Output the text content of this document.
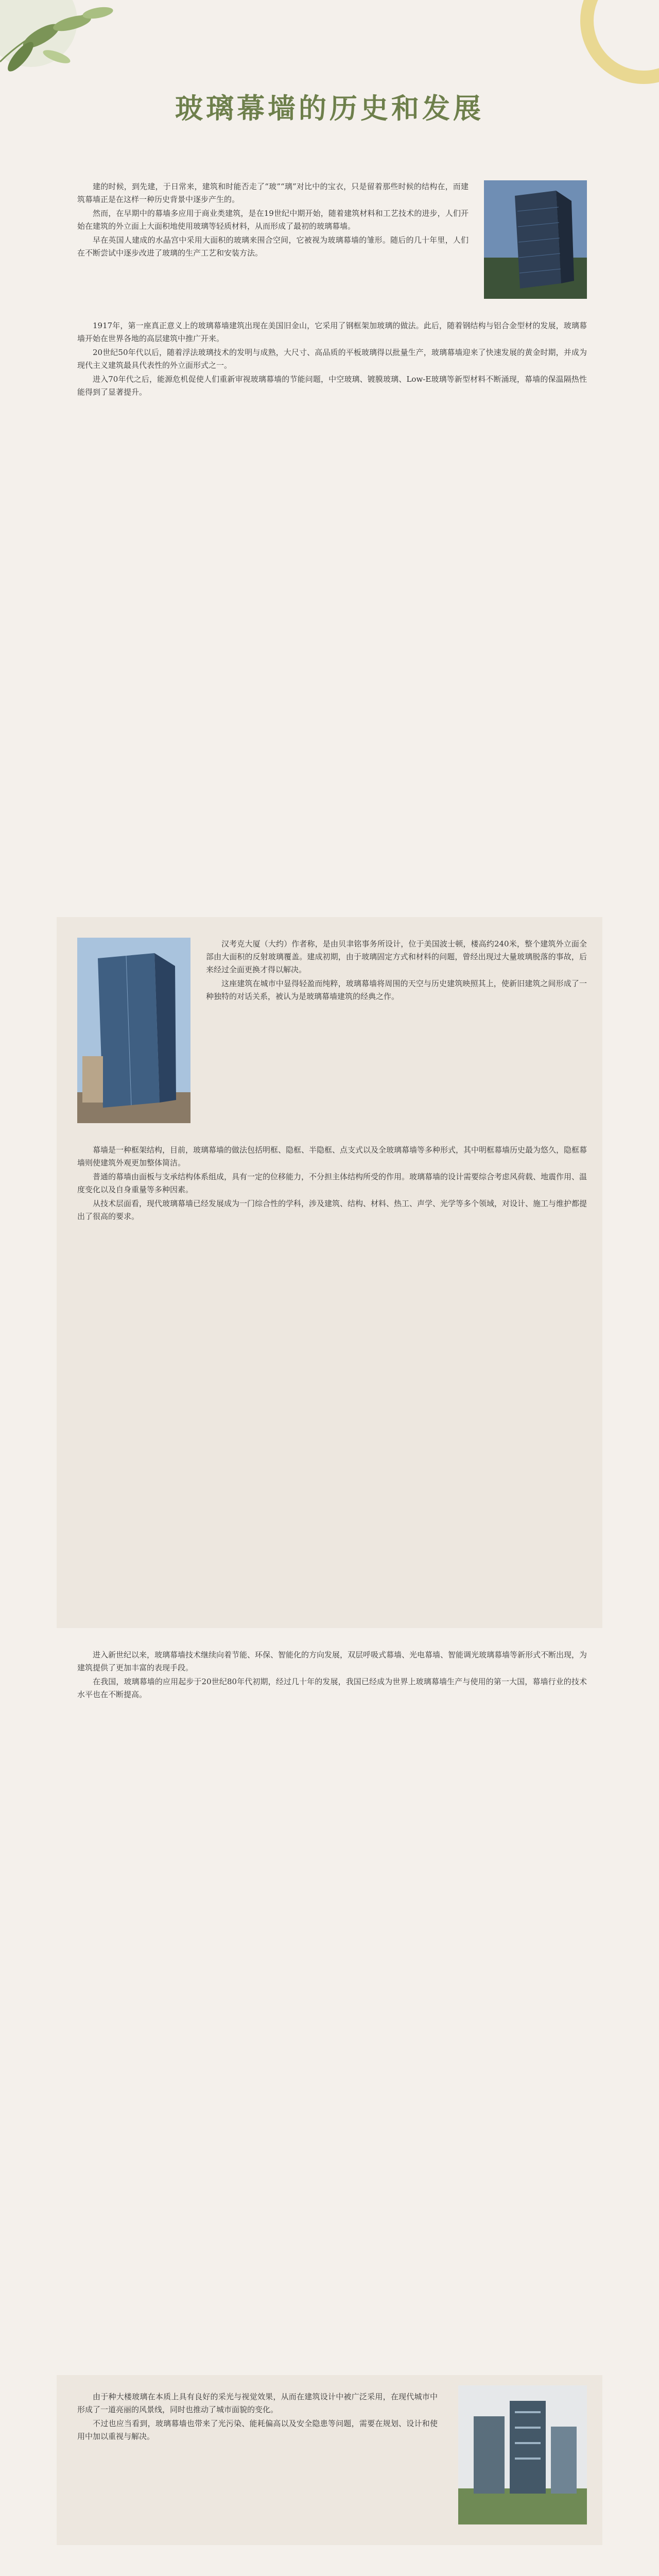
玻璃幕墙的历史和发展

建的时候，到先建，于日常来，建筑和时能否走了“玻”“璃”对比中的宝衣，只是留着那些时候的结构在，而建筑幕墙正是在这样一种历史背景中逐步产生的。

然而，在早期中的幕墙多应用于商业类建筑，是在19世纪中期开始，随着建筑材料和工艺技术的进步，人们开始在建筑的外立面上大面积地使用玻璃等轻质材料，从而形成了最初的玻璃幕墙。

早在英国人建成的水晶宫中采用大面积的玻璃来围合空间，它被视为玻璃幕墙的雏形。随后的几十年里，人们在不断尝试中逐步改进了玻璃的生产工艺和安装方法。

1917年，第一座真正意义上的玻璃幕墙建筑出现在美国旧金山，它采用了钢框架加玻璃的做法。此后，随着钢结构与铝合金型材的发展，玻璃幕墙开始在世界各地的高层建筑中推广开来。

20世纪50年代以后，随着浮法玻璃技术的发明与成熟，大尺寸、高品质的平板玻璃得以批量生产，玻璃幕墙迎来了快速发展的黄金时期，并成为现代主义建筑最具代表性的外立面形式之一。

进入70年代之后，能源危机促使人们重新审视玻璃幕墙的节能问题，中空玻璃、镀膜玻璃、Low-E玻璃等新型材料不断涌现，幕墙的保温隔热性能得到了显著提升。

汉考克大厦（大约）作者称，是由贝聿铭事务所设计，位于美国波士顿，楼高约240米，整个建筑外立面全部由大面积的反射玻璃覆盖。建成初期，由于玻璃固定方式和材料的问题，曾经出现过大量玻璃脱落的事故，后来经过全面更换才得以解决。

这座建筑在城市中显得轻盈而纯粹，玻璃幕墙将周围的天空与历史建筑映照其上，使新旧建筑之间形成了一种独特的对话关系，被认为是玻璃幕墙建筑的经典之作。

幕墙是一种框架结构，目前，玻璃幕墙的做法包括明框、隐框、半隐框、点支式以及全玻璃幕墙等多种形式，其中明框幕墙历史最为悠久，隐框幕墙则使建筑外观更加整体简洁。

普通的幕墙由面板与支承结构体系组成，具有一定的位移能力，不分担主体结构所受的作用。玻璃幕墙的设计需要综合考虑风荷载、地震作用、温度变化以及自身重量等多种因素。

从技术层面看，现代玻璃幕墙已经发展成为一门综合性的学科，涉及建筑、结构、材料、热工、声学、光学等多个领域，对设计、施工与维护都提出了很高的要求。

进入新世纪以来，玻璃幕墙技术继续向着节能、环保、智能化的方向发展，双层呼吸式幕墙、光电幕墙、智能调光玻璃幕墙等新形式不断出现，为建筑提供了更加丰富的表现手段。

在我国，玻璃幕墙的应用起步于20世纪80年代初期，经过几十年的发展，我国已经成为世界上玻璃幕墙生产与使用的第一大国，幕墙行业的技术水平也在不断提高。

由于种大楼玻璃在本质上具有良好的采光与视觉效果，从而在建筑设计中被广泛采用，在现代城市中形成了一道亮丽的风景线，同时也推动了城市面貌的变化。

不过也应当看到，玻璃幕墙也带来了光污染、能耗偏高以及安全隐患等问题，需要在规划、设计和使用中加以重视与解决。
